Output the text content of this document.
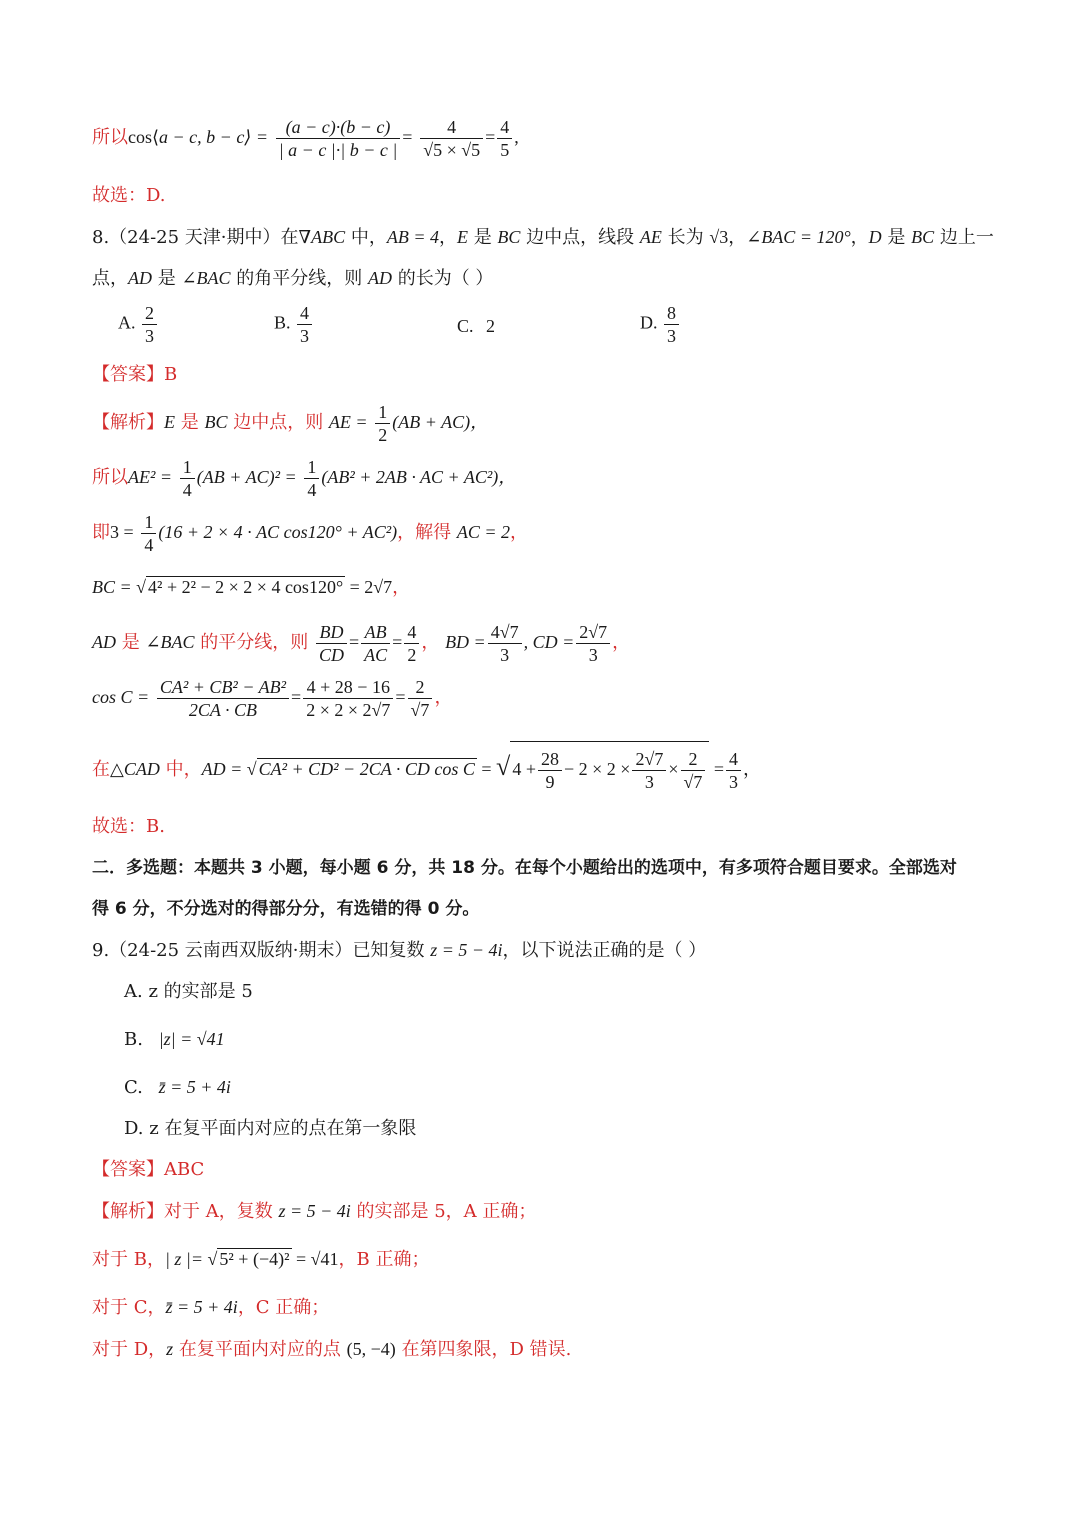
所以cos⟨a − c, b − c⟩ = $\frac{(a - c)\cdot(b - c)}{| a - c |\cdot| b - c |} = \frac{4}{√5 \times √5} = \frac{4}{5}$ ,
故选：D.
8.（24-25 天津·期中）在∇ABC 中，AB = 4，E 是 BC 边中点，线段 AE 长为 √3，∠BAC = 120°，D 是 BC 边上一
点，AD 是 ∠BAC 的角平分线，则 AD 的长为（ ）
A. $\frac{2}{3}$	B. $\frac{4}{3}$	C. 2	D. $\frac{8}{3}$
【答案】B
【解析】E 是 BC 边中点，则 AE = $\frac{1}{2} (AB + AC)$，
所以$AE^2 = \frac{1}{4} (AB + AC)^2 = \frac{1}{4} (AB^2 + 2AB$ · AC + AC²)，
即$3 = \frac{1}{4} (16 + 2 \times 4$ · AC cos120° + AC²)，解得 AC = 2，
BC = √ 4² + 2² − 2 × 2 × 4 cos120° = 2√7，
AD 是 ∠BAC 的平分线，则 $\frac{BD}{CD} = \frac{AB}{AC} = \frac{4}{2}$ ， BD = $\frac{4√7}{3}$ , CD = $\frac{2√7}{3}$ ，
$\cos C = \frac{\text{CA² + CB² − AB²}}{2CA \cdot CB} = \frac{4 + 28 - 16}{2 \times 2 \times 2√7} = \frac{2}{√7}$ ，
在△CAD 中，AD = √ CA² + CD² − 2CA · CD cos C = √ $4 + \frac{28}{9} - 2 \times 2 \times \frac{2√7}{3} \times \frac{2}{√7} = \frac{4}{3}$ ，
故选：B.
二．多选题：本题共 3 小题，每小题 6 分，共 18 分。在每个小题给出的选项中，有多项符合题目要求。全部选对
得 6 分，不分选对的得部分分，有选错的得 0 分。
9.（24-25 云南西双版纳·期末）已知复数 z = 5 − 4i，以下说法正确的是（ ）
A. z 的实部是 5
B. |z| = √41
C. z̄ = 5 + 4i
D. z 在复平面内对应的点在第一象限
【答案】ABC
【解析】对于 A，复数 z = 5 − 4i 的实部是 5，A 正确；
对于 B，| z |= √ 5² + (−4)² = √41，B 正确；
对于 C，z̄ = 5 + 4i，C 正确；
对于 D，z 在复平面内对应的点 (5, −4) 在第四象限，D 错误.
